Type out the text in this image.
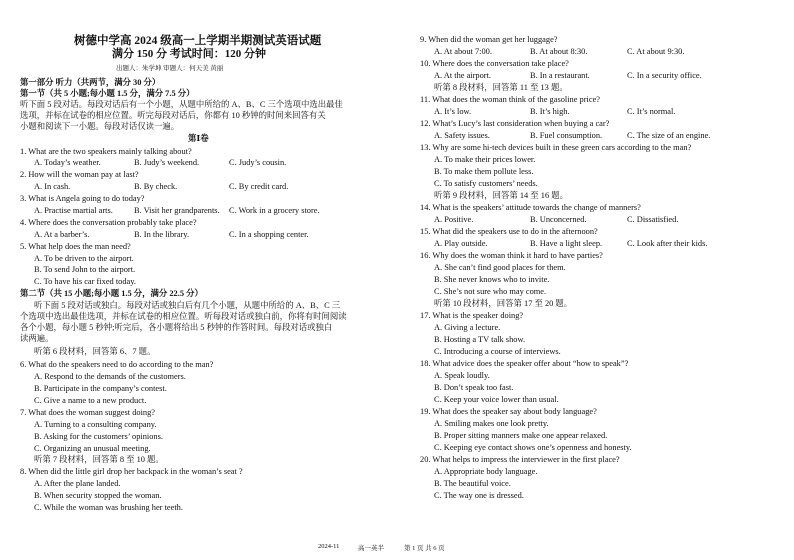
树德中学高 2024 级高一上学期半期测试英语试题
满分 150 分 考试时间：120 分钟
出题人：朱学坤 审题人：何天美 黄丽
第一部分 听力（共两节，满分 30 分）
第一节（共 5 小题;每小题 1.5 分，满分 7.5 分）
听下面 5 段对话。每段对话后有一个小题，从题中所给的 A、B、C 三个选项中选出最佳
选项，并标在试卷的相应位置。听完每段对话后，你都有 10 秒钟的时间来回答有关
小题和阅读下一小题。每段对话仅读一遍。
第Ⅰ卷
1. What are the two speakers mainly talking about?
A. Today’s weather.	B. Judy’s weekend.	C. Judy’s cousin.
2. How will the woman pay at last?
A. In cash.	B. By check.	C. By credit card.
3. What is Angela going to do today?
A. Practise martial arts.	B. Visit her grandparents. C. Work in a grocery store.
4. Where does the conversation probably take place?
A. At a barber’s.	B. In the library.	C. In a shopping center.
5. What help does the man need?
A. To be driven to the airport.
B. To send John to the airport.
C. To have his car fixed today.
第二节（共 15 小题;每小题 1.5 分，满分 22.5 分）
听下面 5 段对话或独白。每段对话或独白后有几个小题，从题中所给的 A、B、C 三
个选项中选出最佳选项，并标在试卷的相应位置。听每段对话或独白前，你将有时间阅读
各个小题，每小题 5 秒钟;听完后，各小题将给出 5 秒钟的作答时间。每段对话或独白
读两遍。
听第 6 段材料，回答第 6、7 题。
6. What do the speakers need to do according to the man?
A. Respond to the demands of the customers.
B. Participate in the company’s contest.
C. Give a name to a new product.
7. What does the woman suggest doing?
A. Turning to a consulting company.
B. Asking for the customers’ opinions.
C. Organizing an unusual meeting.
听第 7 段材料，回答第 8 至 10 题。
8. When did the little girl drop her backpack in the woman’s seat ?
A. After the plane landed.
B. When security stopped the woman.
C. While the woman was brushing her teeth.
9. When did the woman get her luggage?
A. At about 7:00.	B. At about 8:30.	C. At about 9:30.
10. Where does the conversation take place?
A. At the airport.	B. In a restaurant.	C. In a security office.
听第 8 段材料，回答第 11 至 13 题。
11. What does the woman think of the gasoline price?
A. It’s low.	B. It’s high.	C. It’s normal.
12. What’s Lucy’s last consideration when buying a car?
A. Safety issues.	B. Fuel consumption.	C. The size of an engine.
13. Why are some hi-tech devices built in these green cars according to the man?
A. To make their prices lower.
B. To make them pollute less.
C. To satisfy customers’ needs.
听第 9 段材料，回答第 14 至 16 题。
14. What is the speakers’ attitude towards the change of manners?
A. Positive.	B. Unconcerned.	C. Dissatisfied.
15. What did the speakers use to do in the afternoon?
A. Play outside.	B. Have a light sleep.	C. Look after their kids.
16. Why does the woman think it hard to have parties?
A. She can’t find good places for them.
B. She never knows who to invite.
C. She’s not sure who may come.
听第 10 段材料，回答第 17 至 20 题。
17. What is the speaker doing?
A. Giving a lecture.
B. Hosting a TV talk show.
C. Introducing a course of interviews.
18. What advice does the speaker offer about “how to speak”?
A. Speak loudly.
B. Don’t speak too fast.
C. Keep your voice lower than usual.
19. What does the speaker say about body language?
A. Smiling makes one look pretty.
B. Proper sitting manners make one appear relaxed.
C. Keeping eye contact shows one’s openness and honesty.
20. What helps to impress the interviewer in the first place?
A. Appropriate body language.
B. The beautiful voice.
C. The way one is dressed.
2024-11	高一英半	第 1 页 共 6 页
